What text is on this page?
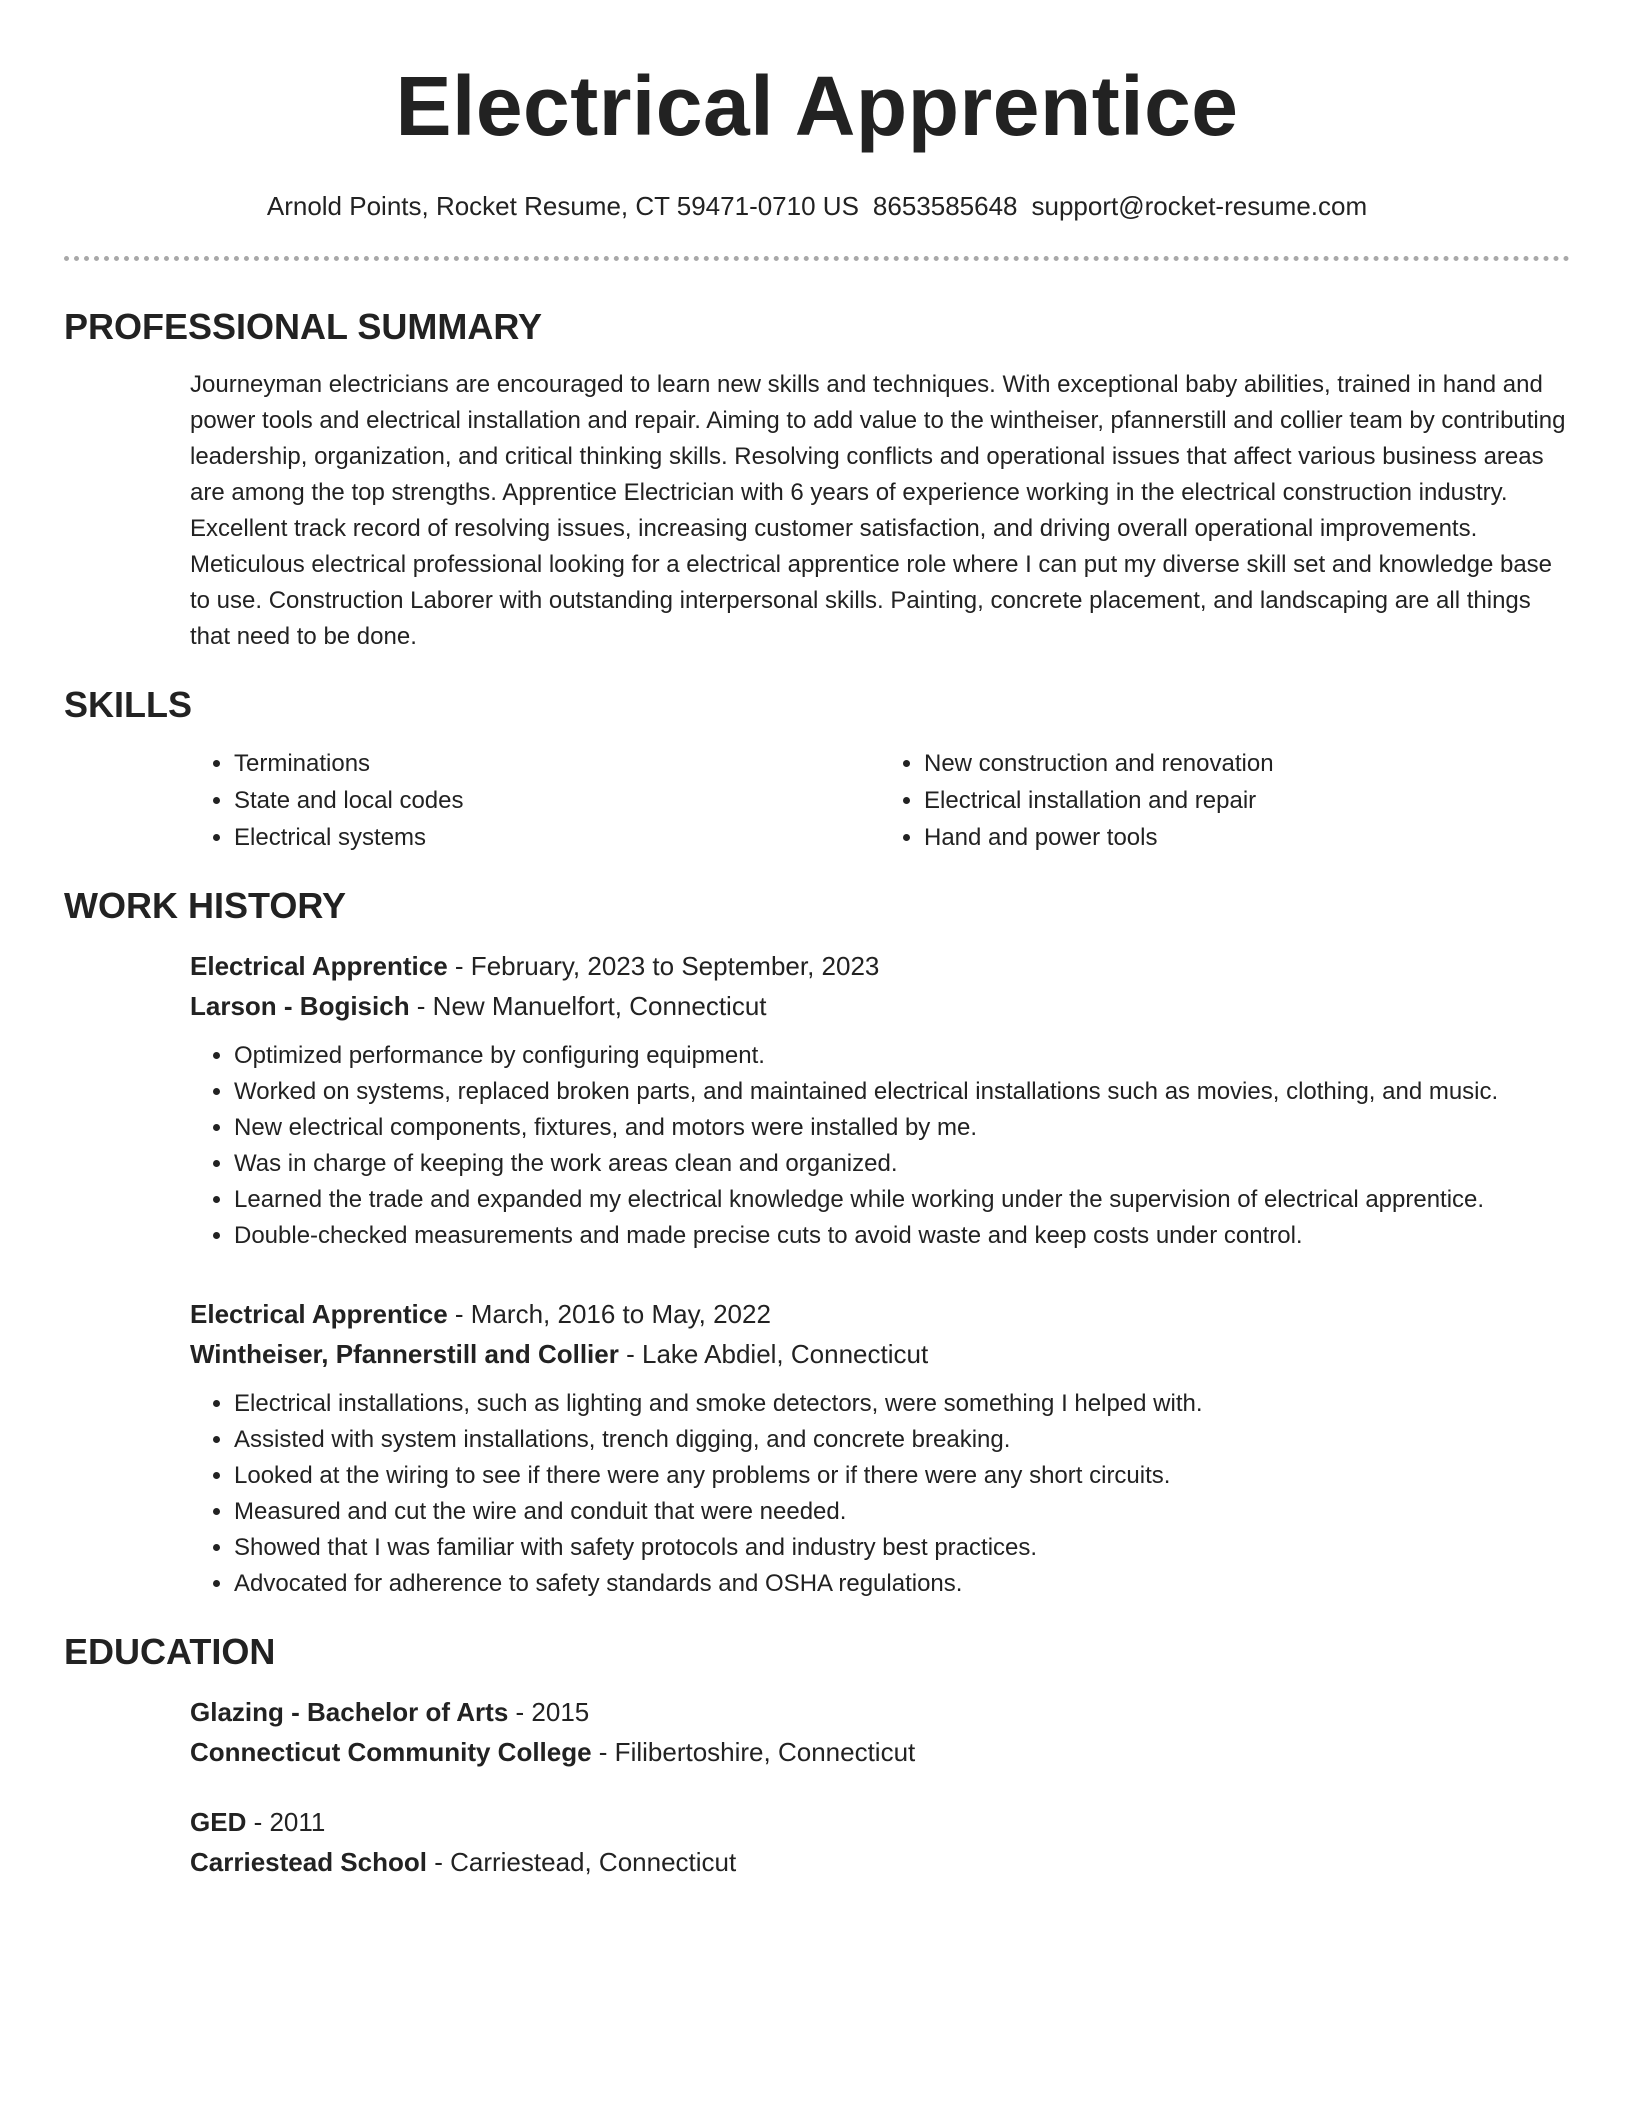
Electrical Apprentice
Arnold Points, Rocket Resume, CT 59471-0710 US 8653585648 support@rocket-resume.com
PROFESSIONAL SUMMARY
Journeyman electricians are encouraged to learn new skills and techniques. With exceptional baby abilities, trained in hand and power tools and electrical installation and repair. Aiming to add value to the wintheiser, pfannerstill and collier team by contributing leadership, organization, and critical thinking skills. Resolving conflicts and operational issues that affect various business areas are among the top strengths. Apprentice Electrician with 6 years of experience working in the electrical construction industry. Excellent track record of resolving issues, increasing customer satisfaction, and driving overall operational improvements. Meticulous electrical professional looking for a electrical apprentice role where I can put my diverse skill set and knowledge base to use. Construction Laborer with outstanding interpersonal skills. Painting, concrete placement, and landscaping are all things that need to be done.
SKILLS
• Terminations
• State and local codes
• Electrical systems
• New construction and renovation
• Electrical installation and repair
• Hand and power tools
WORK HISTORY
Electrical Apprentice - February, 2023 to September, 2023
Larson - Bogisich - New Manuelfort, Connecticut
• Optimized performance by configuring equipment.
• Worked on systems, replaced broken parts, and maintained electrical installations such as movies, clothing, and music.
• New electrical components, fixtures, and motors were installed by me.
• Was in charge of keeping the work areas clean and organized.
• Learned the trade and expanded my electrical knowledge while working under the supervision of electrical apprentice.
• Double-checked measurements and made precise cuts to avoid waste and keep costs under control.
Electrical Apprentice - March, 2016 to May, 2022
Wintheiser, Pfannerstill and Collier - Lake Abdiel, Connecticut
• Electrical installations, such as lighting and smoke detectors, were something I helped with.
• Assisted with system installations, trench digging, and concrete breaking.
• Looked at the wiring to see if there were any problems or if there were any short circuits.
• Measured and cut the wire and conduit that were needed.
• Showed that I was familiar with safety protocols and industry best practices.
• Advocated for adherence to safety standards and OSHA regulations.
EDUCATION
Glazing - Bachelor of Arts - 2015
Connecticut Community College - Filibertoshire, Connecticut
GED - 2011
Carriestead School - Carriestead, Connecticut
